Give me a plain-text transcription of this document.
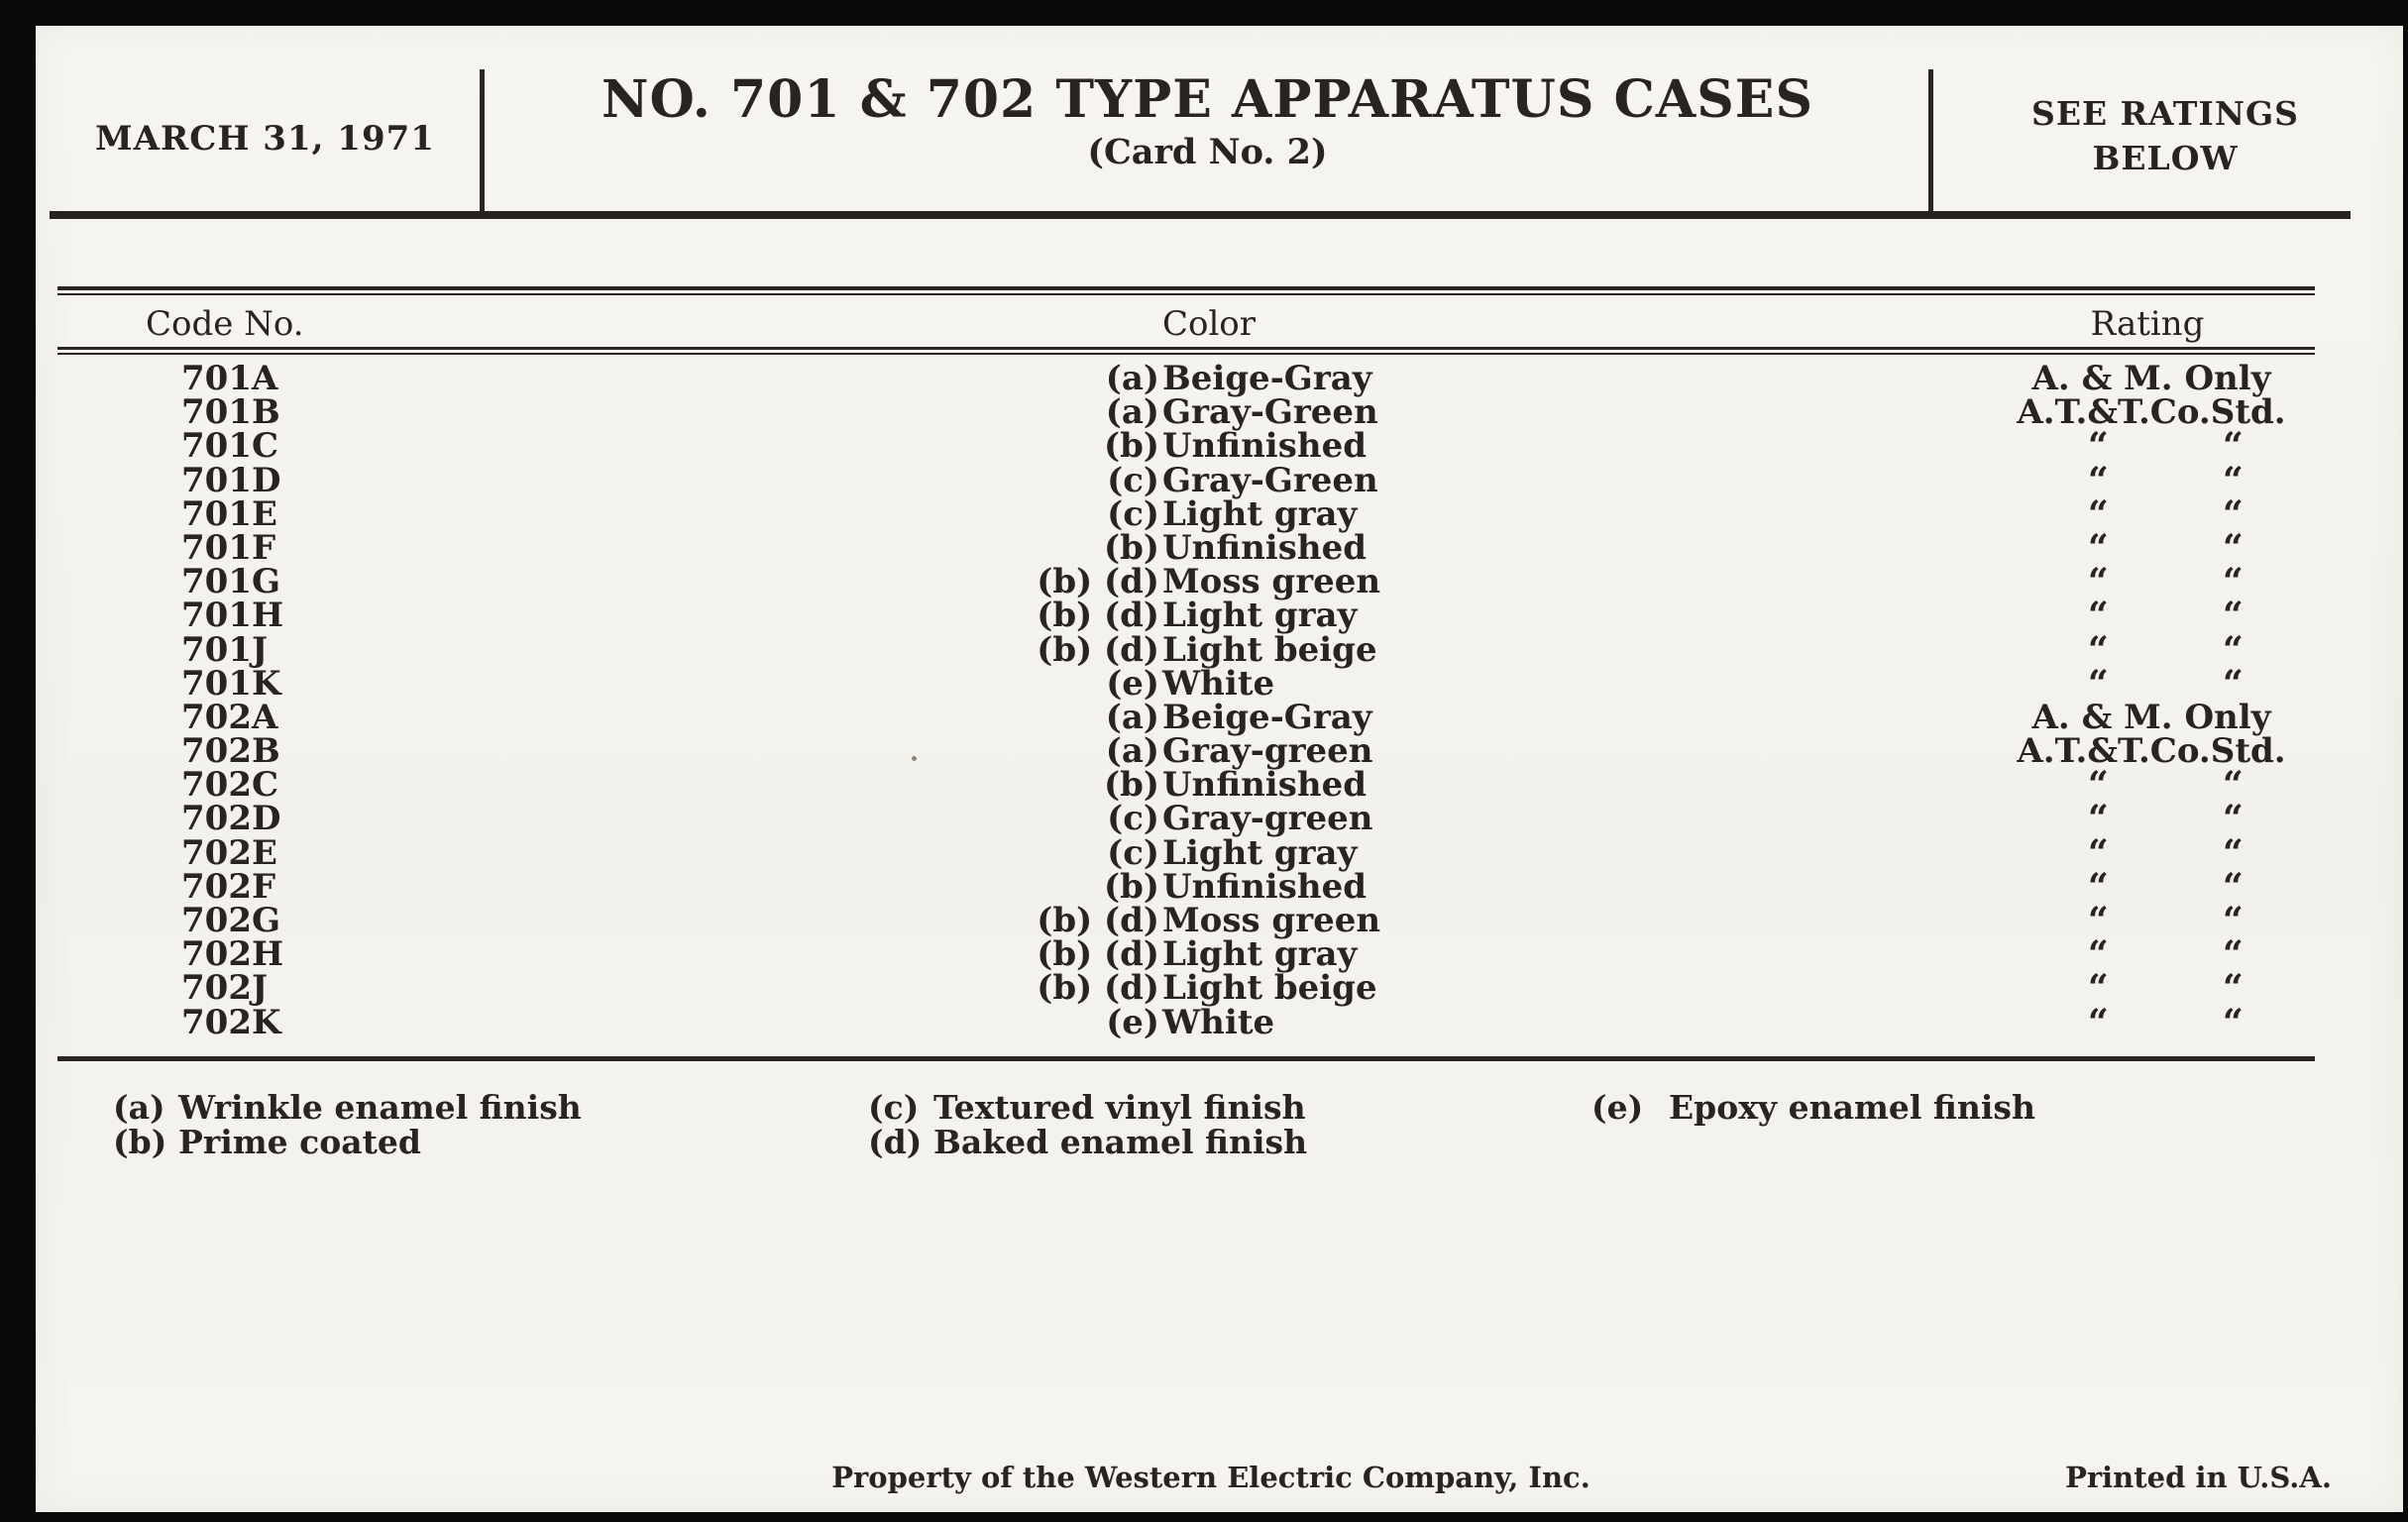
MARCH 31, 1971
NO. 701 & 702 TYPE APPARATUS CASES
(Card No. 2)
SEE RATINGS
BELOW
Code No.	Color	Rating
701A	(a) Beige-Gray	A. & M. Only
701B	(a) Gray-Green	A.T.&T.Co.Std.
701C	(b) Unfinished	“	“
701D	(c) Gray-Green	“	“
701E	(c) Light gray	“	“
701F	(b) Unfinished	“	“
701G	(b) (d) Moss green	“	“
701H	(b) (d) Light gray	“	“
701J	(b) (d) Light beige	“	“
701K	(e) White	“	“
702A	(a) Beige-Gray	A. & M. Only
702B	(a) Gray-green	A.T.&T.Co.Std.
702C	(b) Unfinished	“	“
702D	(c) Gray-green	“	“
702E	(c) Light gray	“	“
702F	(b) Unfinished	“	“
702G	(b) (d) Moss green	“	“
702H	(b) (d) Light gray	“	“
702J	(b) (d) Light beige	“	“
702K	(e) White	“	“
(a) Wrinkle enamel finish
(b) Prime coated
(c) Textured vinyl finish
(d) Baked enamel finish
(e) Epoxy enamel finish
Property of the Western Electric Company, Inc.	Printed in U.S.A.
